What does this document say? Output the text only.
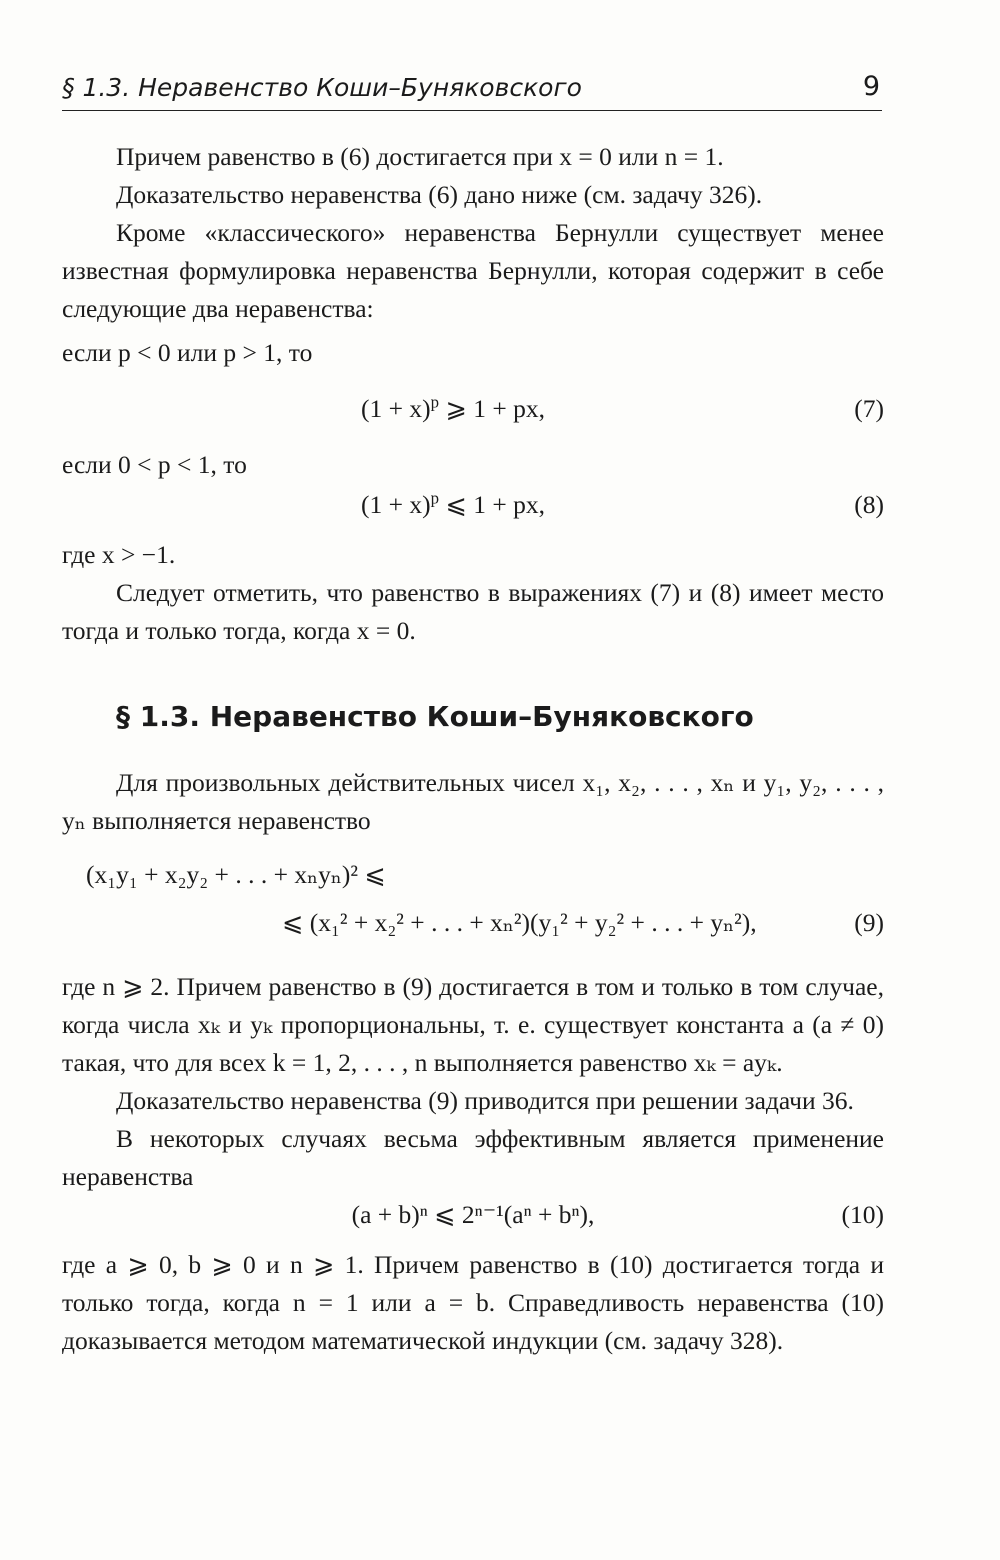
§ 1.3. Неравенство Коши–Буняковского	9

Причем равенство в (6) достигается при x = 0 или n = 1.

Доказательство неравенства (6) дано ниже (см. задачу 326).

Кроме «классического» неравенства Бернулли существует менее известная формулировка неравенства Бернулли, которая содержит в себе следующие два неравенства:

если p < 0 или p > 1, то

$(1 + x)^p$ ⩾ 1 + px,	(7)

если 0 < p < 1, то

$(1 + x)^p$ ⩽ 1 + px,	(8)

где x > −1.

Следует отметить, что равенство в выражениях (7) и (8) имеет место тогда и только тогда, когда x = 0.

§ 1.3. Неравенство Коши–Буняковского

Для произвольных действительных чисел x₁, x₂, . . . , xₙ и y₁, y₂, . . . , yₙ выполняется неравенство

(x₁y₁ + x₂y₂ + . . . + xₙyₙ)² ⩽
⩽ (x₁² + x₂² + . . . + xₙ²)(y₁² + y₂² + . . . + yₙ²),	(9)

где n ⩾ 2. Причем равенство в (9) достигается в том и только в том случае, когда числа xₖ и yₖ пропорциональны, т. е. существует константа a (a ≠ 0) такая, что для всех k = 1, 2, . . . , n выполняется равенство xₖ = ayₖ.

Доказательство неравенства (9) приводится при решении задачи 36.

В некоторых случаях весьма эффективным является применение неравенства

(a + b)ⁿ ⩽ 2ⁿ⁻¹(aⁿ + bⁿ),	(10)

где a ⩾ 0, b ⩾ 0 и n ⩾ 1. Причем равенство в (10) достигается тогда и только тогда, когда n = 1 или a = b. Справедливость неравенства (10) доказывается методом математической индукции (см. задачу 328).
